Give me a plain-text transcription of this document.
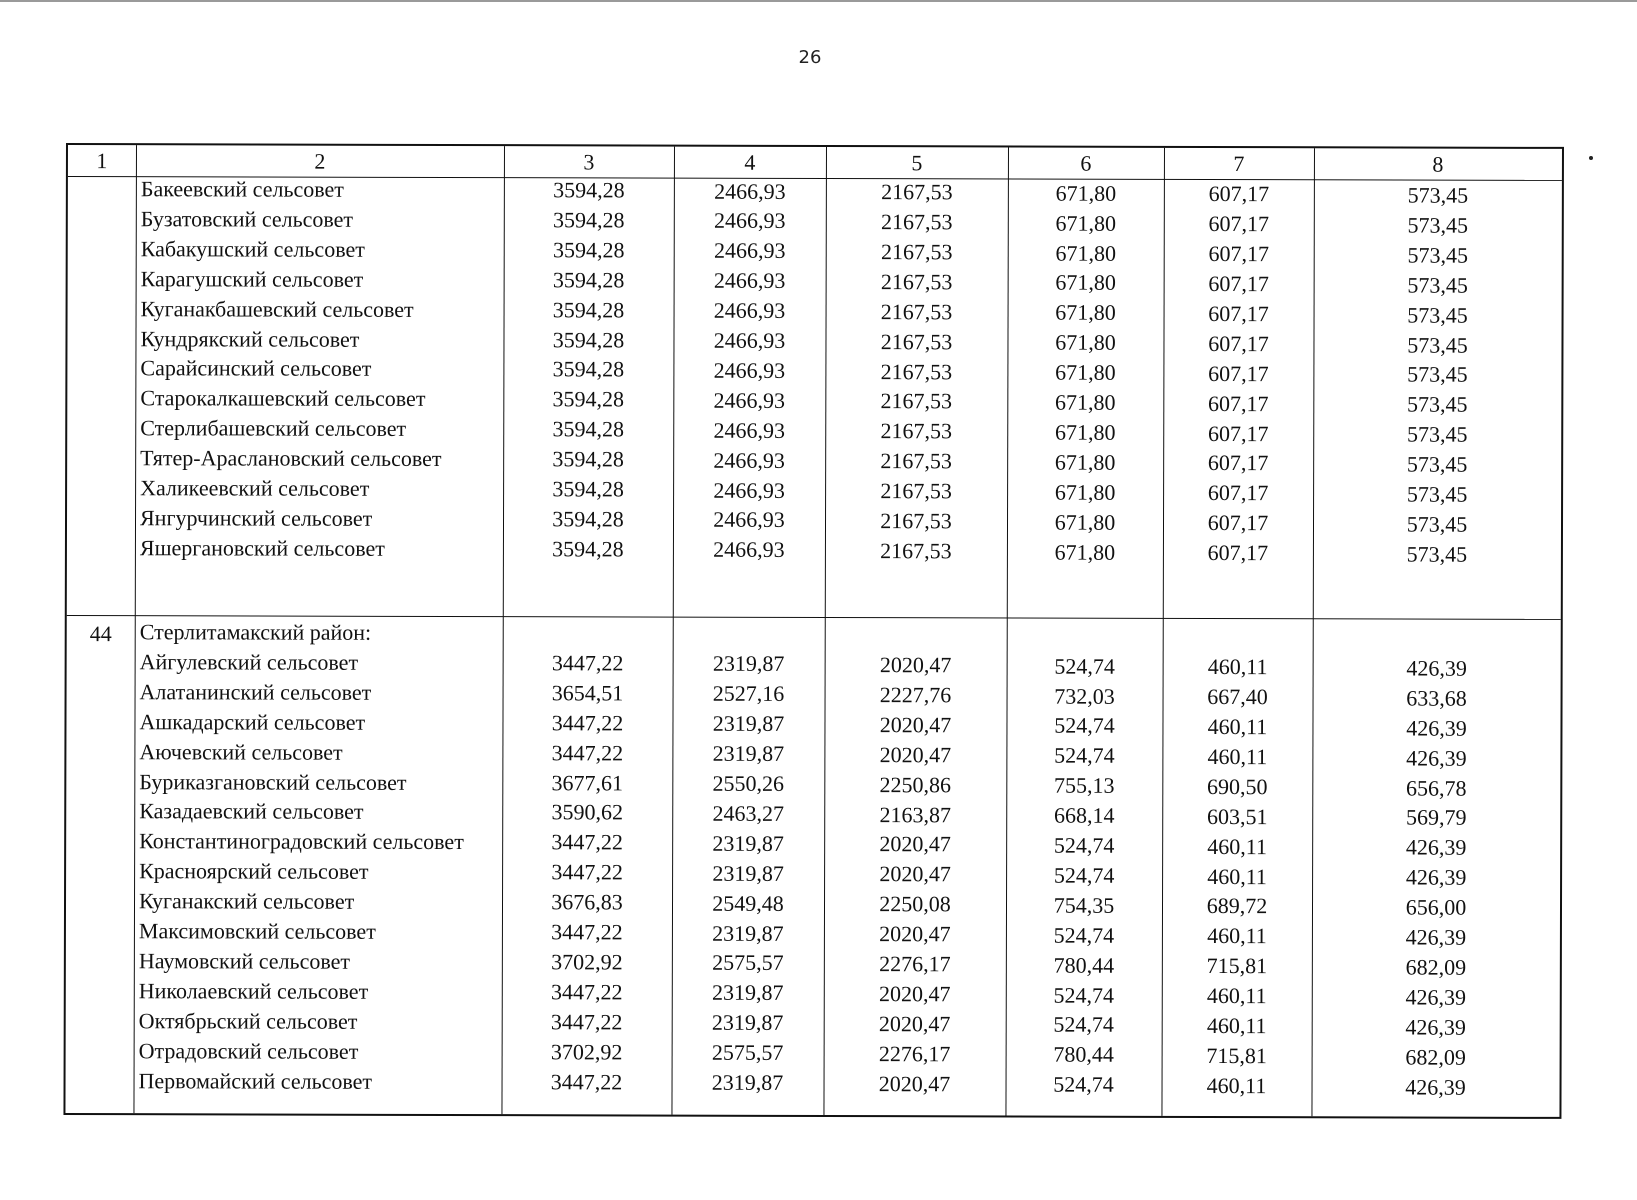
26
1	2	3	4	5	6	7	8
Бакеевский сельсовет	3594,28	2466,93	2167,53	671,80	607,17	573,45
Бузатовский сельсовет	3594,28	2466,93	2167,53	671,80	607,17	573,45
Кабакушский сельсовет	3594,28	2466,93	2167,53	671,80	607,17	573,45
Карагушский сельсовет	3594,28	2466,93	2167,53	671,80	607,17	573,45
Куганакбашевский сельсовет	3594,28	2466,93	2167,53	671,80	607,17	573,45
Кундрякский сельсовет	3594,28	2466,93	2167,53	671,80	607,17	573,45
Сарайсинский сельсовет	3594,28	2466,93	2167,53	671,80	607,17	573,45
Старокалкашевский сельсовет	3594,28	2466,93	2167,53	671,80	607,17	573,45
Стерлибашевский сельсовет	3594,28	2466,93	2167,53	671,80	607,17	573,45
Тятер-Арaслановский сельсовет	3594,28	2466,93	2167,53	671,80	607,17	573,45
Халикеевский сельсовет	3594,28	2466,93	2167,53	671,80	607,17	573,45
Янгурчинский сельсовет	3594,28	2466,93	2167,53	671,80	607,17	573,45
Яшергановский сельсовет	3594,28	2466,93	2167,53	671,80	607,17	573,45
44	Стерлитамакский район:
Айгулевский сельсовет	3447,22	2319,87	2020,47	524,74	460,11	426,39
Алатанинский сельсовет	3654,51	2527,16	2227,76	732,03	667,40	633,68
Ашкадарский сельсовет	3447,22	2319,87	2020,47	524,74	460,11	426,39
Аючевский сельсовет	3447,22	2319,87	2020,47	524,74	460,11	426,39
Буриказгановский сельсовет	3677,61	2550,26	2250,86	755,13	690,50	656,78
Казадаевский сельсовет	3590,62	2463,27	2163,87	668,14	603,51	569,79
Константиноградовский сельсовет	3447,22	2319,87	2020,47	524,74	460,11	426,39
Красноярский сельсовет	3447,22	2319,87	2020,47	524,74	460,11	426,39
Куганакский сельсовет	3676,83	2549,48	2250,08	754,35	689,72	656,00
Максимовский сельсовет	3447,22	2319,87	2020,47	524,74	460,11	426,39
Наумовский сельсовет	3702,92	2575,57	2276,17	780,44	715,81	682,09
Николаевский сельсовет	3447,22	2319,87	2020,47	524,74	460,11	426,39
Октябрьский сельсовет	3447,22	2319,87	2020,47	524,74	460,11	426,39
Отрадовский сельсовет	3702,92	2575,57	2276,17	780,44	715,81	682,09
Первомайский сельсовет	3447,22	2319,87	2020,47	524,74	460,11	426,39
